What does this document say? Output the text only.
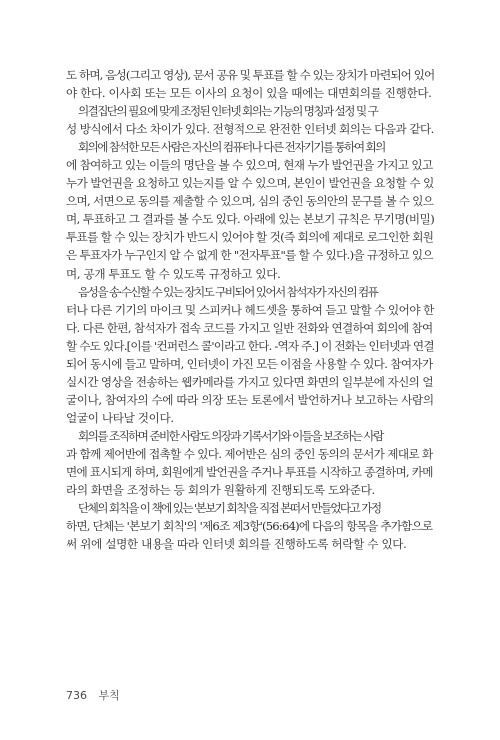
도 하며, 음성(그리고 영상), 문서 공유 및 투표를 할 수 있는 장치가 마련되어 있어
야 한다. 이사회 또는 모든 이사의 요청이 있을 때에는 대면회의를 진행한다.
의결집단의 필요에 맞게 조정된 인터넷 회의는 기능의 명칭과 설정 및 구
성 방식에서 다소 차이가 있다. 전형적으로 완전한 인터넷 회의는 다음과 같다.
회의에 참석한 모든 사람은 자신의 컴퓨터나 다른 전자기기를 통하여 회의
에 참여하고 있는 이들의 명단을 볼 수 있으며, 현재 누가 발언권을 가지고 있고
누가 발언권을 요청하고 있는지를 알 수 있으며, 본인이 발언권을 요청할 수 있
으며, 서면으로 동의를 제출할 수 있으며, 심의 중인 동의안의 문구를 볼 수 있으
며, 투표하고 그 결과를 볼 수도 있다. 아래에 있는 본보기 규칙은 무기명(비밀)
투표를 할 수 있는 장치가 반드시 있어야 할 것(즉 회의에 제대로 로그인한 회원
은 투표자가 누구인지 알 수 없게 한 "전자투표"를 할 수 있다.)을 규정하고 있으
며, 공개 투표도 할 수 있도록 규정하고 있다.
음성을 송·수신할 수 있는 장치도 구비되어 있어서 참석자가 자신의 컴퓨
터나 다른 기기의 마이크 및 스피커나 헤드셋을 통하여 듣고 말할 수 있어야 한
다. 다른 한편, 참석자가 접속 코드를 가지고 일반 전화와 연결하여 회의에 참여
할 수도 있다.[이를 '컨퍼런스 콜'이라고 한다. -역자 주.] 이 전화는 인터넷과 연결
되어 동시에 들고 말하며, 인터넷이 가진 모든 이점을 사용할 수 있다. 참여자가
실시간 영상을 전송하는 웹카메라를 가지고 있다면 화면의 일부분에 자신의 얼
굴이나, 참여자의 수에 따라 의장 또는 토론에서 발언하거나 보고하는 사람의
얼굴이 나타날 것이다.
회의를 조직하며 준비한 사람도 의장과 기록서기와 이들을 보조하는 사람
과 함께 제어반에 접촉할 수 있다. 제어반은 심의 중인 동의의 문서가 제대로 화
면에 표시되게 하며, 회원에게 발언권을 주거나 투표를 시작하고 종결하며, 카메
라의 화면을 조정하는 등 회의가 원활하게 진행되도록 도와준다.
단체의 회칙을 이 책에 있는 '본보기 회칙'을 직접 본떠서 만들었다고 가정
하면, 단체는 '본보기 회칙'의 '제6조 제3항'(56:64)에 다음의 항목을 추가함으로
써 위에 설명한 내용을 따라 인터넷 회의를 진행하도록 허락할 수 있다.
736 부칙
